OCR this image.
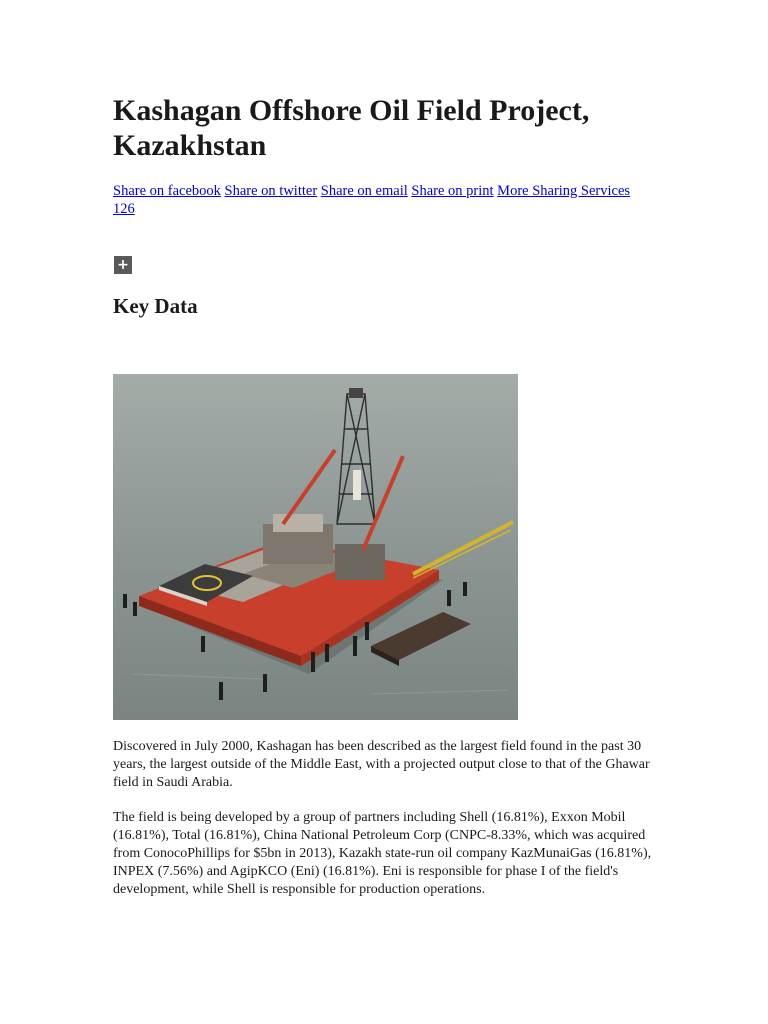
Kashagan Offshore Oil Field Project, Kazakhstan
Share on facebook Share on twitter Share on email Share on print More Sharing Services
126
+
Key Data

Discovered in July 2000, Kashagan has been described as the largest field found in the past 30 years, the largest outside of the Middle East, with a projected output close to that of the Ghawar field in Saudi Arabia.

The field is being developed by a group of partners including Shell (16.81%), Exxon Mobil (16.81%), Total (16.81%), China National Petroleum Corp (CNPC-8.33%, which was acquired from ConocoPhillips for $5bn in 2013), Kazakh state-run oil company KazMunaiGas (16.81%), INPEX (7.56%) and AgipKCO (Eni) (16.81%). Eni is responsible for phase I of the field's development, while Shell is responsible for production operations.
